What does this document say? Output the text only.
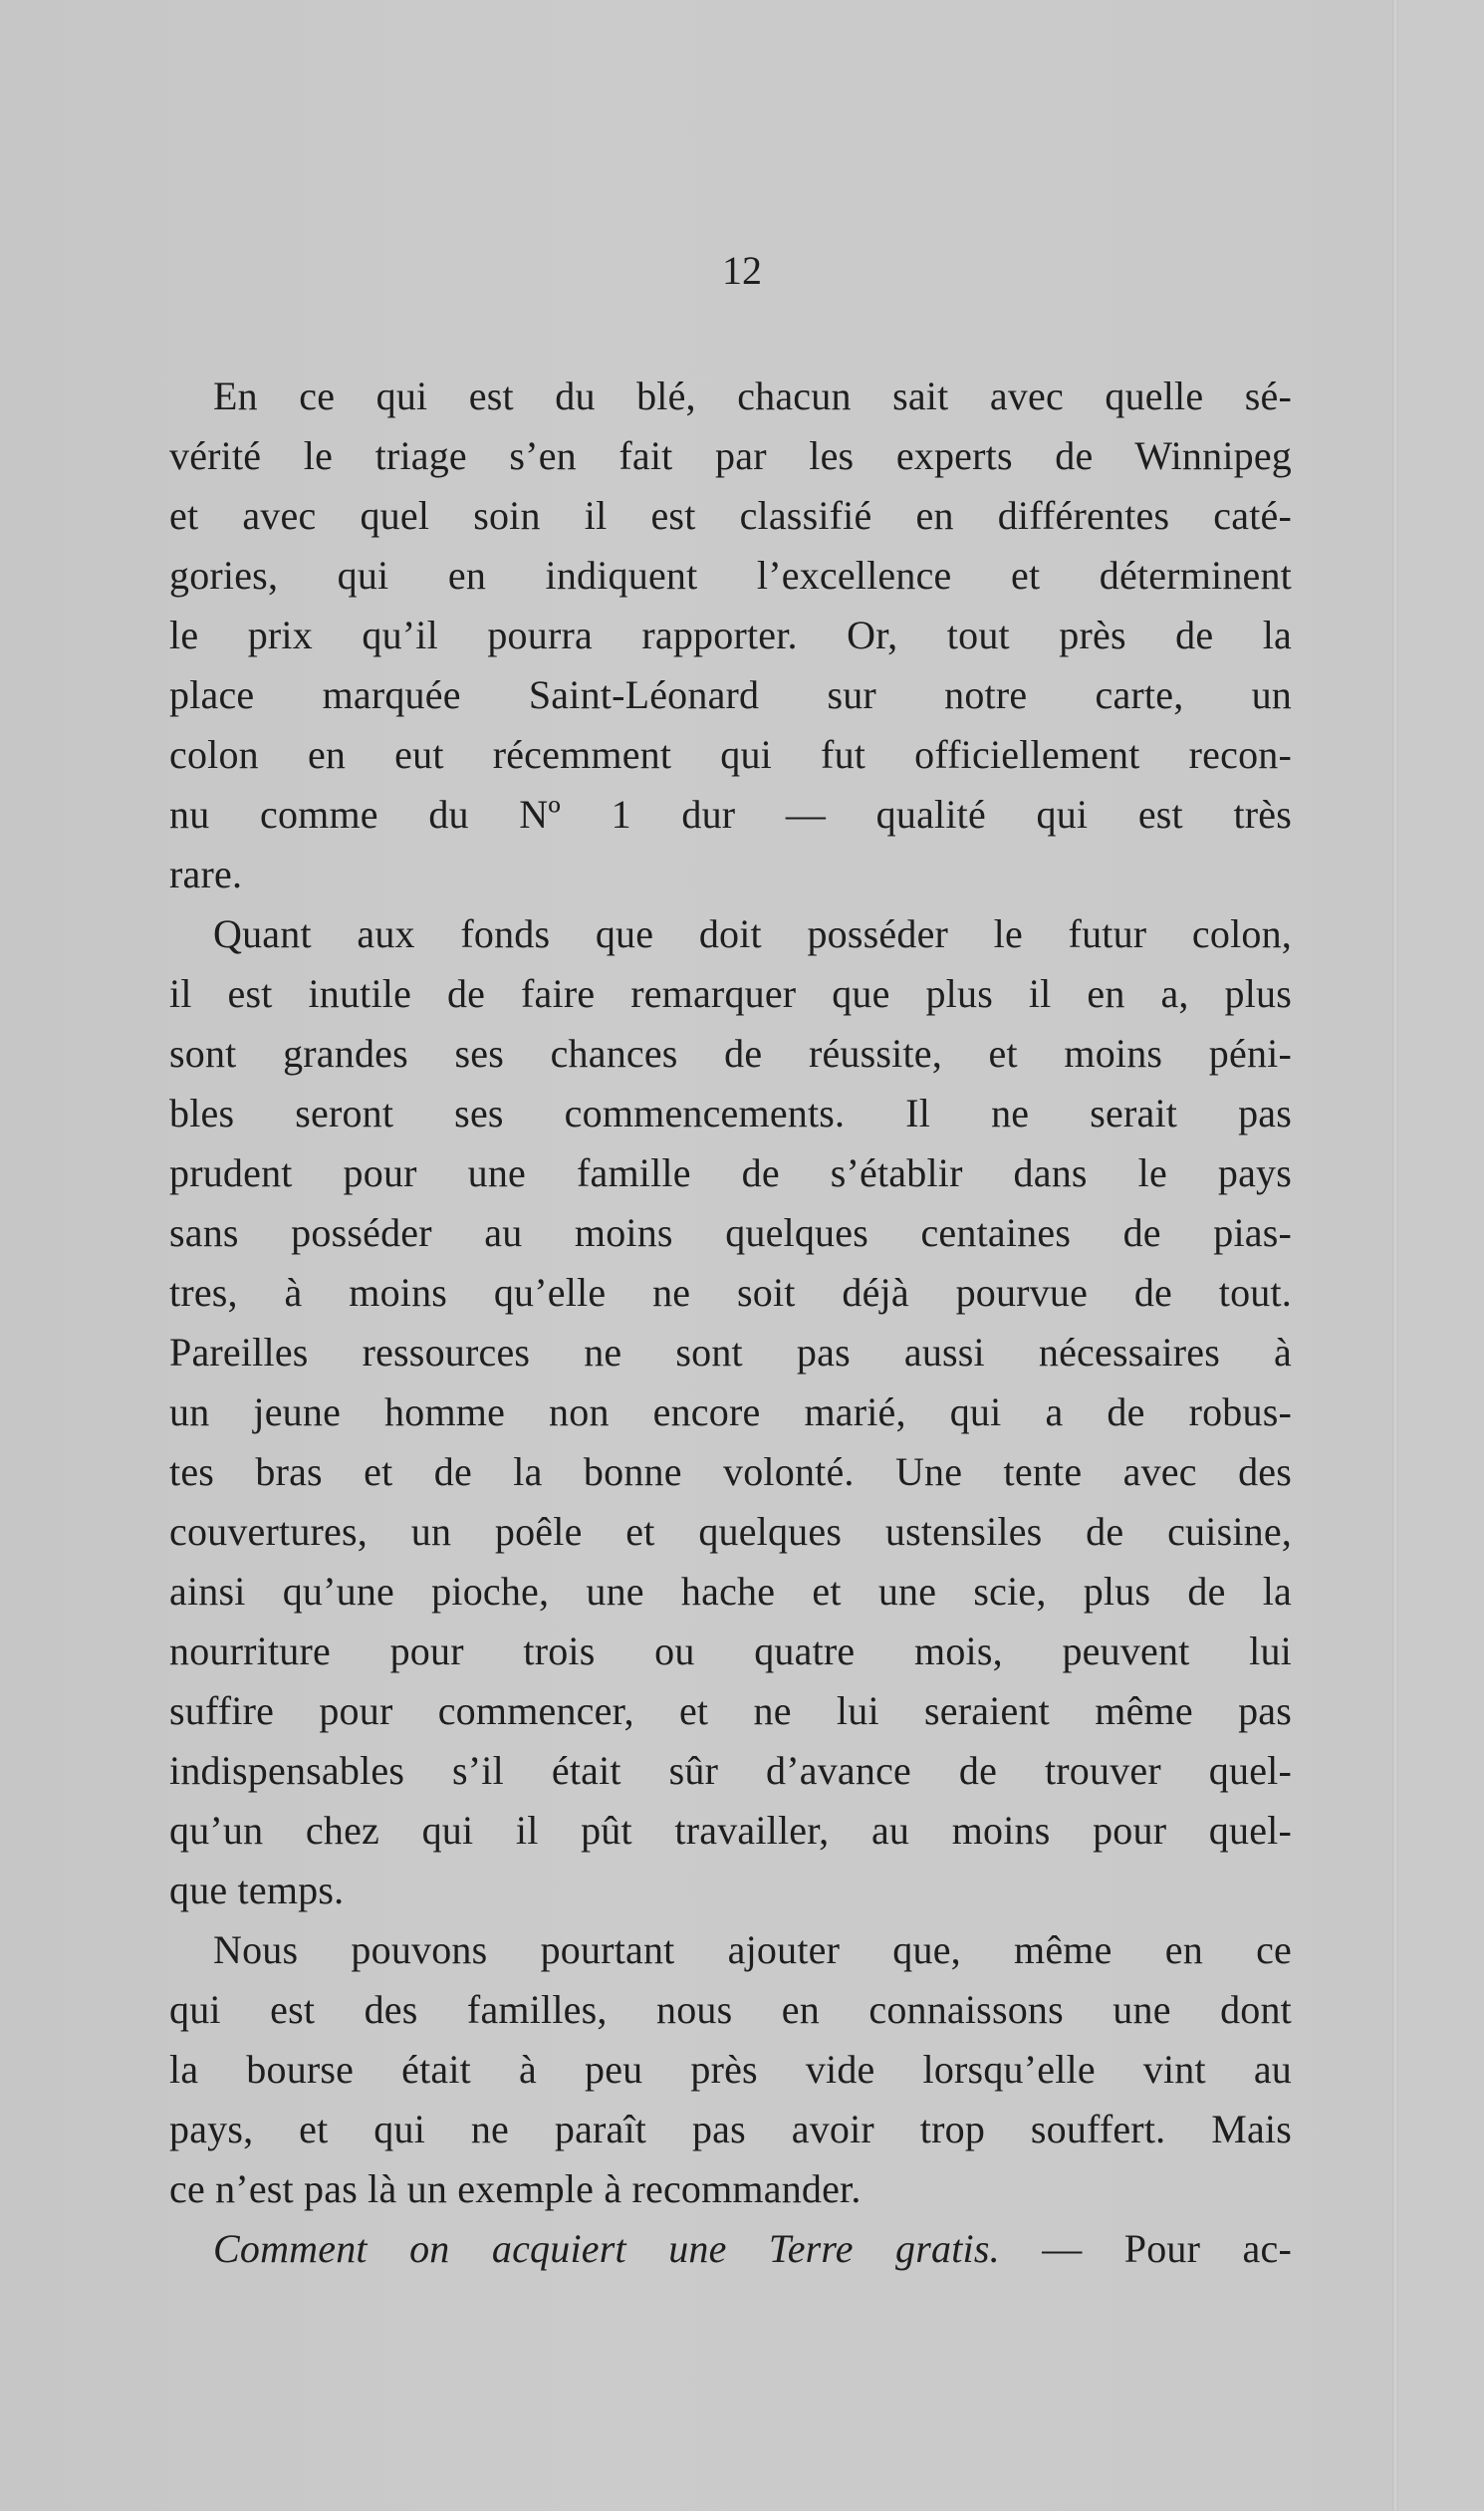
12
En ce qui est du blé, chacun sait avec quelle sé-
vérité le triage s’en fait par les experts de Winnipeg
et avec quel soin il est classifié en différentes caté-
gories, qui en indiquent l’excellence et déterminent
le prix qu’il pourra rapporter. Or, tout près de la
place marquée Saint-Léonard sur notre carte, un
colon en eut récemment qui fut officiellement recon-
nu comme du Nº 1 dur — qualité qui est très
rare.
Quant aux fonds que doit posséder le futur colon,
il est inutile de faire remarquer que plus il en a, plus
sont grandes ses chances de réussite, et moins péni-
bles seront ses commencements. Il ne serait pas
prudent pour une famille de s’établir dans le pays
sans posséder au moins quelques centaines de pias-
tres, à moins qu’elle ne soit déjà pourvue de tout.
Pareilles ressources ne sont pas aussi nécessaires à
un jeune homme non encore marié, qui a de robus-
tes bras et de la bonne volonté. Une tente avec des
couvertures, un poêle et quelques ustensiles de cuisine,
ainsi qu’une pioche, une hache et une scie, plus de la
nourriture pour trois ou quatre mois, peuvent lui
suffire pour commencer, et ne lui seraient même pas
indispensables s’il était sûr d’avance de trouver quel-
qu’un chez qui il pût travailler, au moins pour quel-
que temps.
Nous pouvons pourtant ajouter que, même en ce
qui est des familles, nous en connaissons une dont
la bourse était à peu près vide lorsqu’elle vint au
pays, et qui ne paraît pas avoir trop souffert. Mais
ce n’est pas là un exemple à recommander.
Comment on acquiert une Terre gratis. — Pour ac-
